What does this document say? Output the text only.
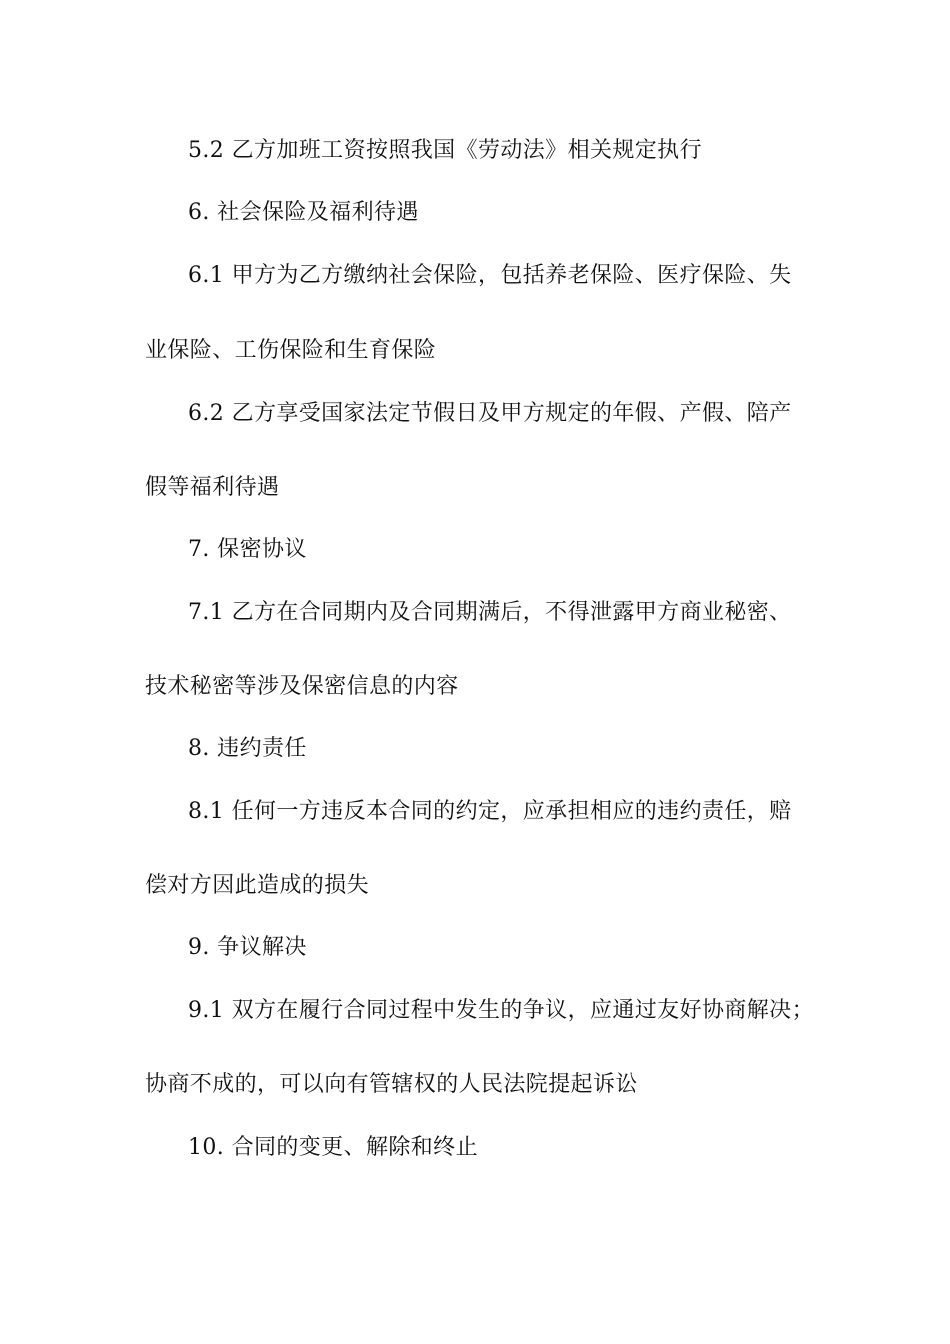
5.2 乙方加班工资按照我国《劳动法》相关规定执行
6. 社会保险及福利待遇
6.1 甲方为乙方缴纳社会保险，包括养老保险、医疗保险、失
业保险、工伤保险和生育保险
6.2 乙方享受国家法定节假日及甲方规定的年假、产假、陪产
假等福利待遇
7. 保密协议
7.1 乙方在合同期内及合同期满后，不得泄露甲方商业秘密、
技术秘密等涉及保密信息的内容
8. 违约责任
8.1 任何一方违反本合同的约定，应承担相应的违约责任，赔
偿对方因此造成的损失
9. 争议解决
9.1 双方在履行合同过程中发生的争议，应通过友好协商解决；
协商不成的，可以向有管辖权的人民法院提起诉讼
10. 合同的变更、解除和终止
